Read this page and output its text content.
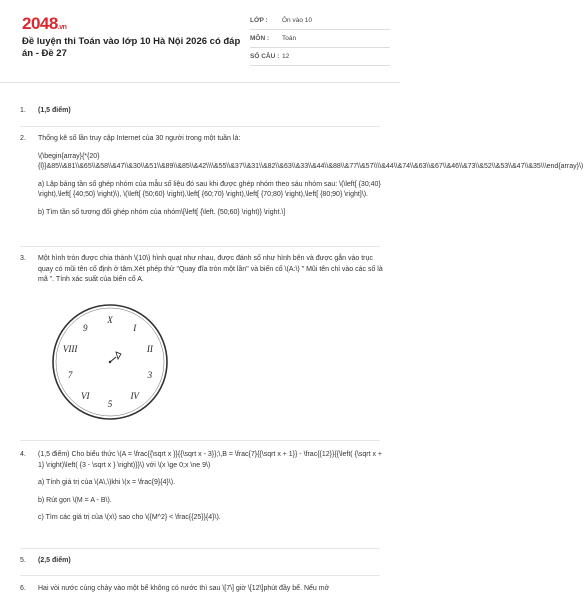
2048.vn
Đề luyện thi Toán vào lớp 10 Hà Nội 2026 có đáp án - Đề 27
LỚP :	Ôn vào 10
MÔN :	Toán
SỐ CÂU : 12
1. (1,5 điểm)
2. Thống kê số lần truy cập Internet của 30 người trong một tuần là:

\(\begin{array}{*{20}{l}}&85\\&81\\&65\\&58\\&47\\&30\\&51\\&89\\&85\\&42\\\\&55\\&37\\&31\\&82\\&63\\&33\\&44\\&88\\&77\\&57\\\\&44\\&74\\&63\\&67\\&46\\&73\\&52\\&53\\&47\\&35\\\end{array}\)

a) Lập bảng tần số ghép nhóm của mẫu số liệu đó sau khi được ghép nhóm theo sáu nhóm sau: \(\left[ {30;40} \right),\left[ {40;50} \right)\), \(\left[ {50;60} \right),\left[ {60;70} \right),\left[ {70;80} \right),\left[ {80;90} \right]\).

b) Tìm tần số tương đối ghép nhóm của nhóm\[\left[ {\left. {50;60} \right)} \right.\]

3. Một hình tròn được chia thành \(10\) hình quạt như nhau, được đánh số như hình bên và được gắn vào trục quay có mũi tên cố định ở tâm.Xét phép thử "Quay đĩa tròn một lần" và biến cố \(A:\) " Mũi tên chỉ vào các số là mã ". Tính xác suất của biến cố A.

X
I
II
3
IV
5
VI
7
VIII
9
4. (1,5 điểm) Cho biểu thức \(A = \frac{{\sqrt x }}{{\sqrt x - 3}};\,B = \frac{7}{{\sqrt x + 1}} - \frac{{12}}{{\left( {\sqrt x + 1} \right)\left( {3 - \sqrt x } \right)}}\) với \(x \ge 0;x \ne 9\)

a) Tính giá trị của \(A\,\)khi \(x = \frac{9}{4}\).

b) Rút gọn \(M = A - B\).

c) Tìm các giá trị của \(x\) sao cho \({M^2} < \frac{{25}}{4}\).

5. (2,5 điểm)
6. Hai vòi nước cùng chảy vào một bể không có nước thì sau \[7\] giờ \[12\]phút đầy bể. Nếu mở
